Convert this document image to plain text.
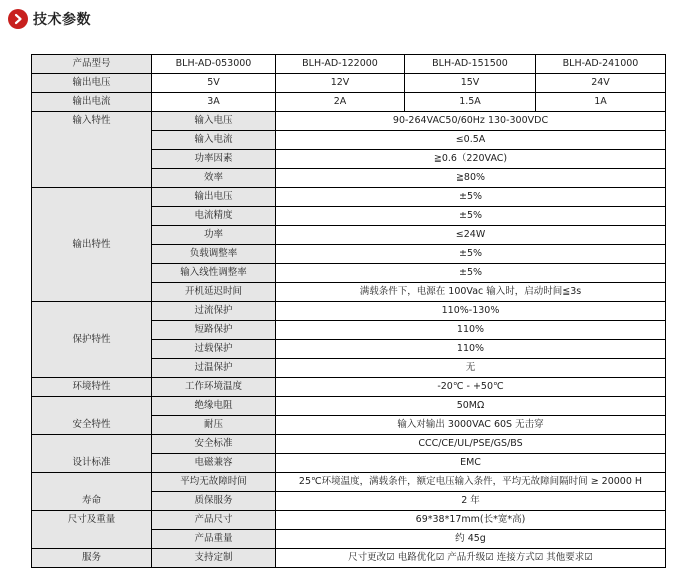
技术参数
产品型号	BLH-AD-053000	BLH-AD-122000	BLH-AD-151500	BLH-AD-241000
输出电压	5V	12V	15V	24V
输出电流	3A	2A	1.5A	1A
输入特性	输入电压	90-264VAC50/60Hz 130-300VDC		
	输入电流	≤0.5A		
	功率因素	≧0.6（220VAC)		
	效率	≧80%		
输出特性	输出电压	±5%		
	电流精度	±5%		
	功率	≤24W		
	负载调整率	±5%		
	输入线性调整率	±5%		
	开机延迟时间	满载条件下，电源在 100Vac 输入时，启动时间≦3s		
保护特性	过流保护	110%-130%		
	短路保护	110%		
	过载保护	110%		
	过温保护	无		
环境特性	工作环境温度	-20℃ - +50℃		
安全特性	绝缘电阻	50MΩ		
	耐压	输入对输出 3000VAC 60S 无击穿		
设计标准	安全标准	CCC/CE/UL/PSE/GS/BS		
	电磁兼容	EMC		
寿命	平均无故障时间	25℃环境温度，满载条件，额定电压输入条件，平均无故障间隔时间 ≥ 20000 H		
	质保服务	2 年		
尺寸及重量	产品尺寸	69*38*17mm(长*宽*高)		
	产品重量	约 45g		
服务	支持定制	尺寸更改☑ 电路优化☑ 产品升级☑ 连接方式☑ 其他要求☑		
